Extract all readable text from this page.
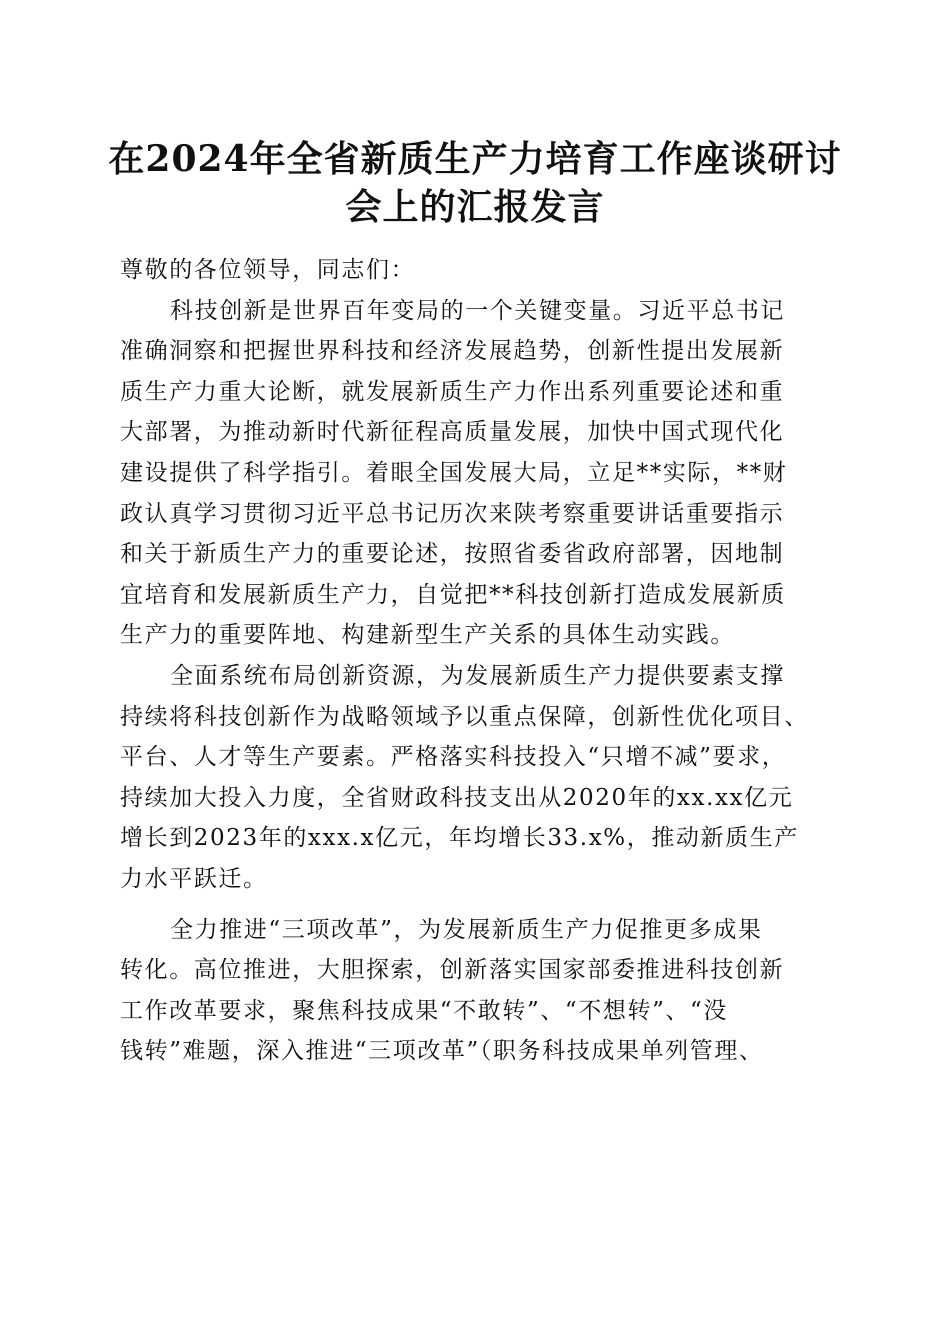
在2024年全省新质生产力培育工作座谈研讨
会上的汇报发言
尊敬的各位领导，同志们：
科技创新是世界百年变局的一个关键变量。习近平总书记
准确洞察和把握世界科技和经济发展趋势，创新性提出发展新
质生产力重大论断，就发展新质生产力作出系列重要论述和重
大部署，为推动新时代新征程高质量发展，加快中国式现代化
建设提供了科学指引。着眼全国发展大局，立足**实际，**财
政认真学习贯彻习近平总书记历次来陕考察重要讲话重要指示
和关于新质生产力的重要论述，按照省委省政府部署，因地制
宜培育和发展新质生产力，自觉把**科技创新打造成发展新质
生产力的重要阵地、构建新型生产关系的具体生动实践。
全面系统布局创新资源，为发展新质生产力提供要素支撑
持续将科技创新作为战略领域予以重点保障，创新性优化项目、
平台、人才等生产要素。严格落实科技投入“只增不减”要求，
持续加大投入力度，全省财政科技支出从2020年的xx.xx亿元
增长到2023年的xxx.x亿元，年均增长33.x%，推动新质生产
力水平跃迁。
全力推进“三项改革”，为发展新质生产力促推更多成果
转化。高位推进，大胆探索，创新落实国家部委推进科技创新
工作改革要求，聚焦科技成果“不敢转”、“不想转”、“没
钱转”难题，深入推进“三项改革”（职务科技成果单列管理、
